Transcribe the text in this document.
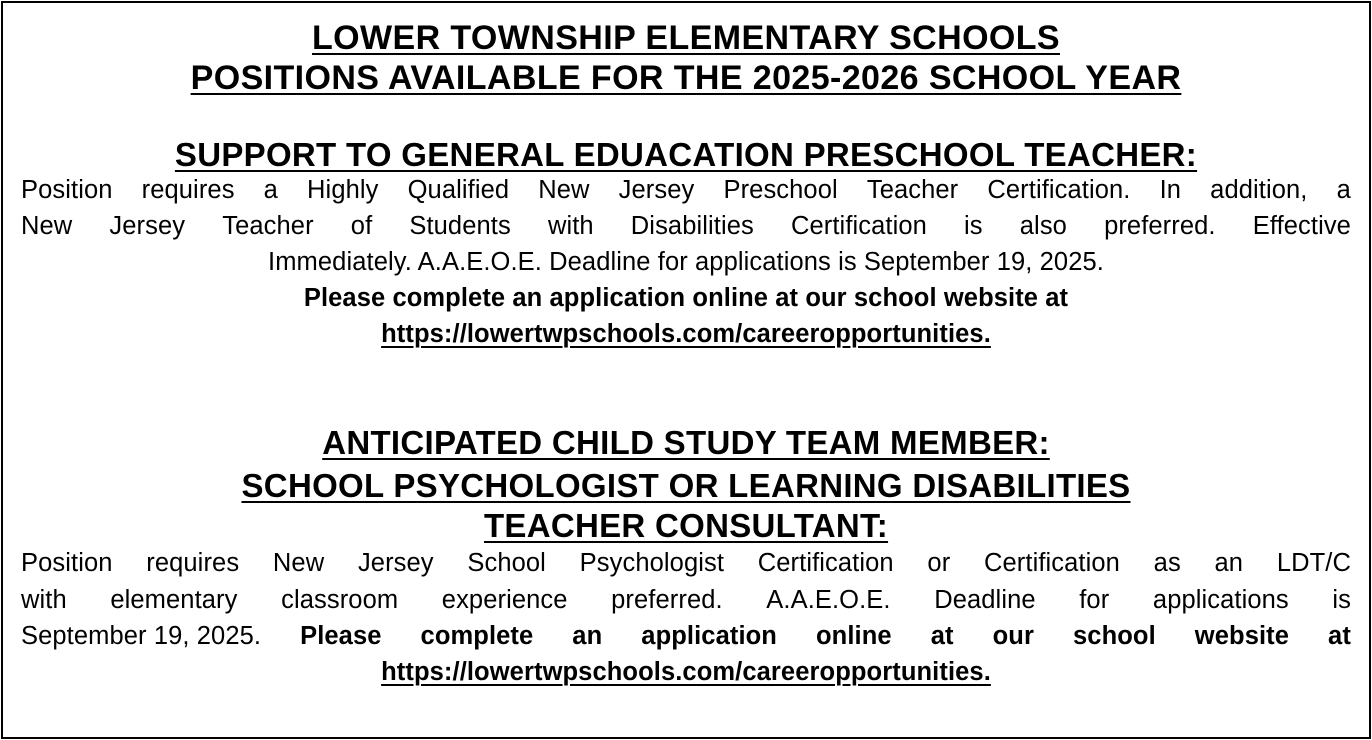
LOWER TOWNSHIP ELEMENTARY SCHOOLS
POSITIONS AVAILABLE FOR THE 2025-2026 SCHOOL YEAR
SUPPORT TO GENERAL EDUACATION PRESCHOOL TEACHER:
Position requires a Highly Qualified New Jersey Preschool Teacher Certification. In addition, a
New Jersey Teacher of Students with Disabilities Certification is also preferred. Effective
Immediately. A.A.E.O.E. Deadline for applications is September 19, 2025.
Please complete an application online at our school website at
https://lowertwpschools.com/careeropportunities.
ANTICIPATED CHILD STUDY TEAM MEMBER:
SCHOOL PSYCHOLOGIST OR LEARNING DISABILITIES
TEACHER CONSULTANT:
Position requires New Jersey School Psychologist Certification or Certification as an LDT/C
with elementary classroom experience preferred. A.A.E.O.E. Deadline for applications is
September 19, 2025. Please complete an application online at our school website at
https://lowertwpschools.com/careeropportunities.
